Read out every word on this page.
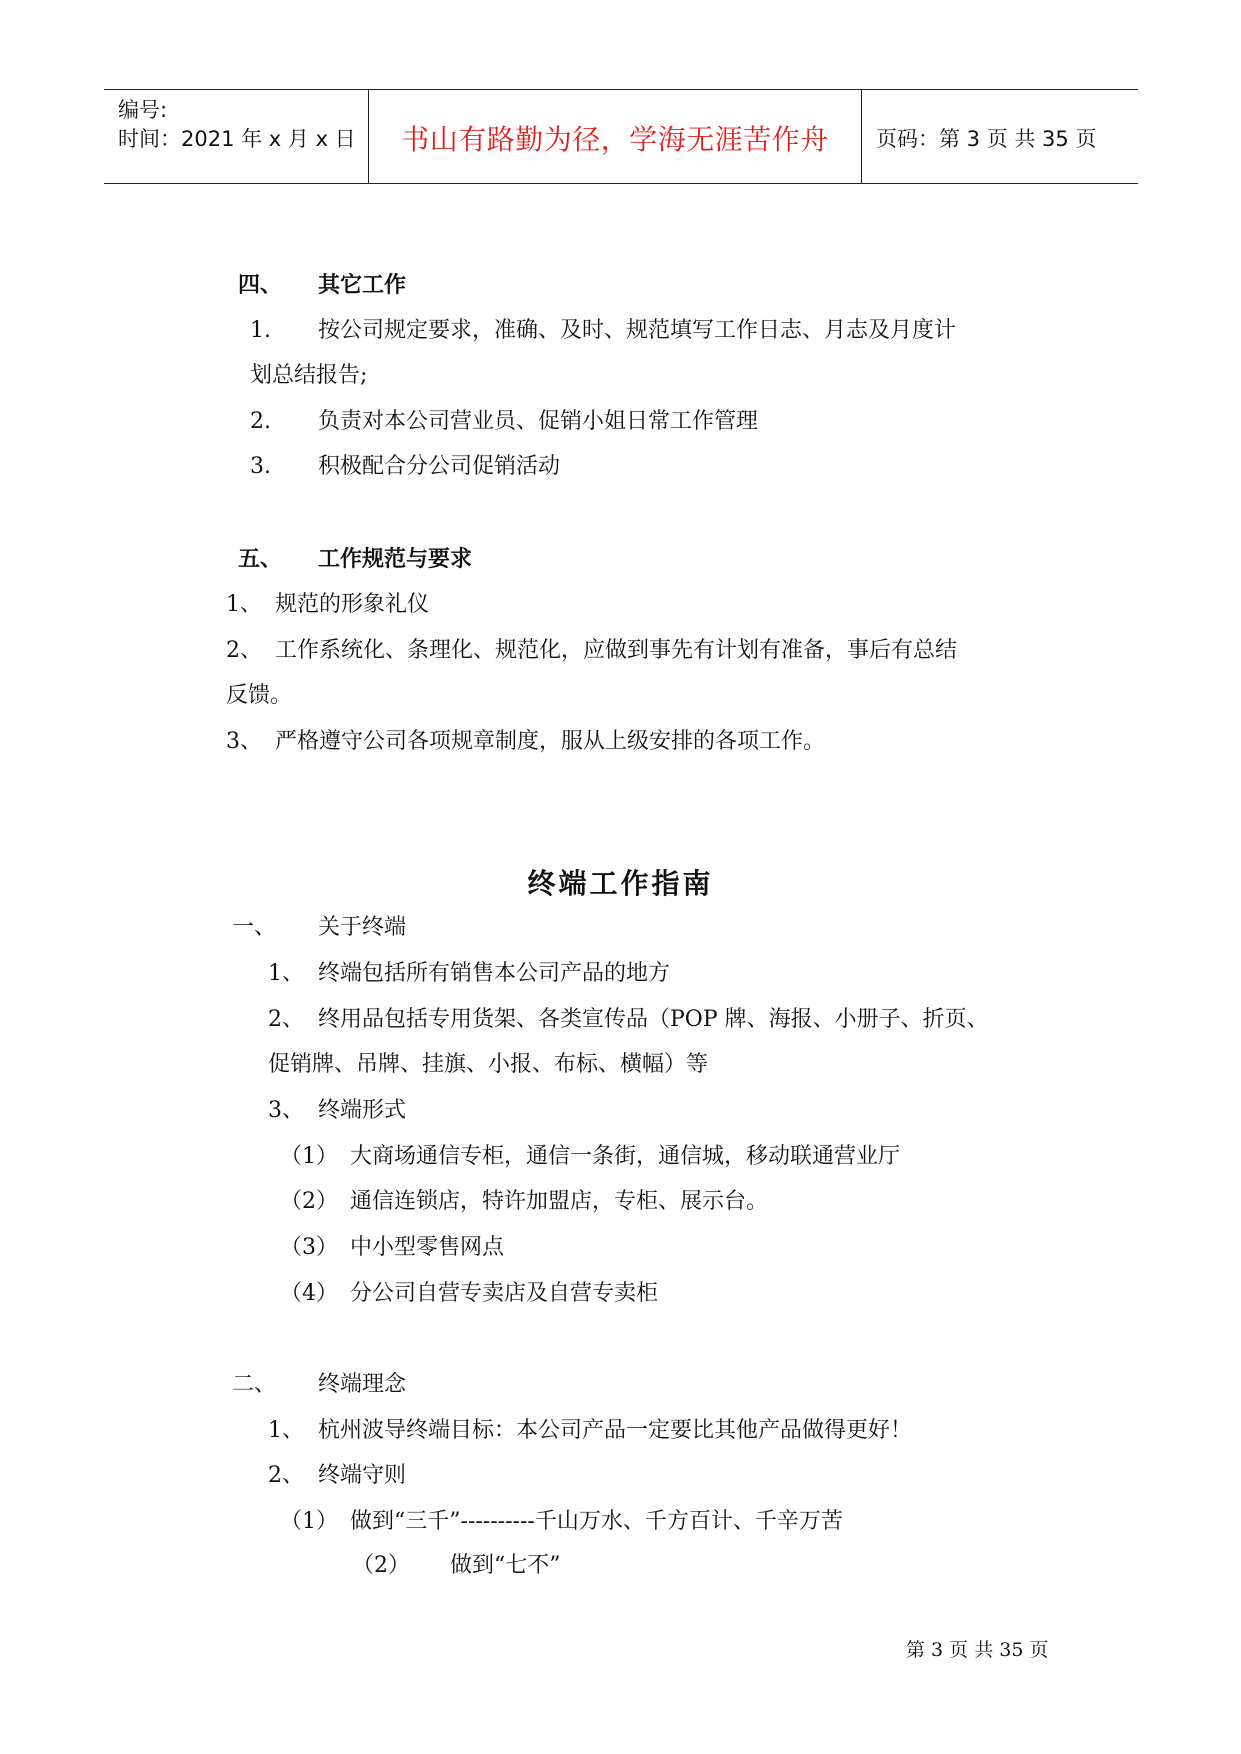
编号:
时间：2021 年 x 月 x 日	书山有路勤为径，学海无涯苦作舟	页码：第 3 页 共 35 页
四、 其它工作
1. 按公司规定要求，准确、及时、规范填写工作日志、月志及月度计
划总结报告;
2. 负责对本公司营业员、促销小姐日常工作管理
3. 积极配合分公司促销活动
五、 工作规范与要求
1、 规范的形象礼仪
2、 工作系统化、条理化、规范化，应做到事先有计划有准备，事后有总结
反馈。
3、 严格遵守公司各项规章制度，服从上级安排的各项工作。
终端工作指南
一、 关于终端
1、 终端包括所有销售本公司产品的地方
2、 终用品包括专用货架、各类宣传品（POP 牌、海报、小册子、折页、
促销牌、吊牌、挂旗、小报、布标、横幅）等
3、 终端形式
（1） 大商场通信专柜，通信一条街，通信城，移动联通营业厅
（2） 通信连锁店，特许加盟店，专柜、展示台。
（3） 中小型零售网点
（4） 分公司自营专卖店及自营专卖柜
二、 终端理念
1、 杭州波导终端目标：本公司产品一定要比其他产品做得更好！
2、 终端守则
（1） 做到“三千”----------千山万水、千方百计、千辛万苦
（2） 做到“七不”
第 3 页 共 35 页
